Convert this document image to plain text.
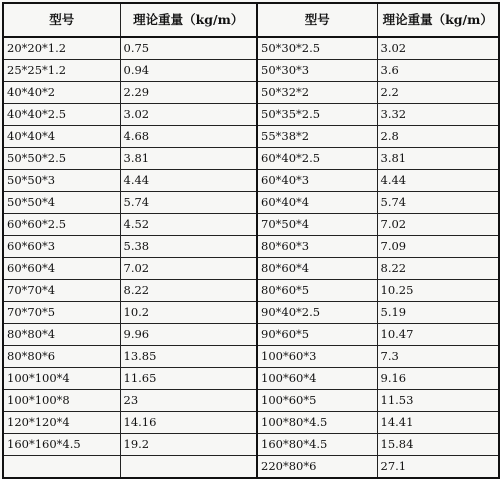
型号	理论重量（kg/m）	型号	理论重量（kg/m）
20*20*1.2	0.75	50*30*2.5	3.02
25*25*1.2	0.94	50*30*3	3.6
40*40*2	2.29	50*32*2	2.2
40*40*2.5	3.02	50*35*2.5	3.32
40*40*4	4.68	55*38*2	2.8
50*50*2.5	3.81	60*40*2.5	3.81
50*50*3	4.44	60*40*3	4.44
50*50*4	5.74	60*40*4	5.74
60*60*2.5	4.52	70*50*4	7.02
60*60*3	5.38	80*60*3	7.09
60*60*4	7.02	80*60*4	8.22
70*70*4	8.22	80*60*5	10.25
70*70*5	10.2	90*40*2.5	5.19
80*80*4	9.96	90*60*5	10.47
80*80*6	13.85	100*60*3	7.3
100*100*4	11.65	100*60*4	9.16
100*100*8	23	100*60*5	11.53
120*120*4	14.16	100*80*4.5	14.41
160*160*4.5	19.2	160*80*4.5	15.84
		220*80*6	27.1
